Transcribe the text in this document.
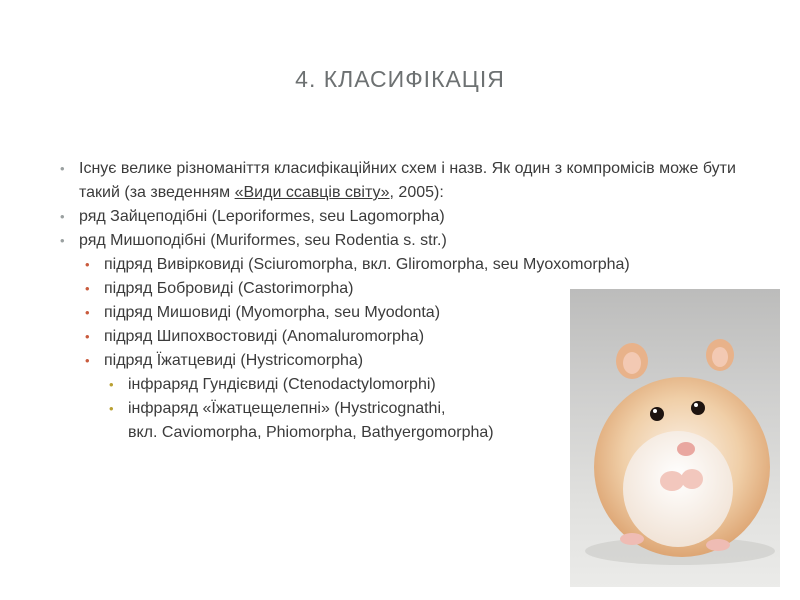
4. КЛАСИФІКАЦІЯ
• Існує велике різноманіття класифікаційних схем і назв. Як один з компромісів може бути такий (за зведенням «Види ссавців світу», 2005):
• ряд Зайцеподібні (Leporiformes, seu Lagomorpha)
• ряд Мишоподібні (Muriformes, seu Rodentia s. str.)
• підряд Вивірковиді (Sciuromorpha, вкл. Gliromorpha, seu Myoxomorpha)
• підряд Бобровиді (Castorimorpha)
• підряд Мишовиді (Myomorpha, seu Myodonta)
• підряд Шипохвостовиді (Anomaluromorpha)
• підряд Їжатцевиді (Hystricomorpha)
• інфраряд Гундієвиді (Ctenodactylomorphi)
• інфраряд «Їжатцещелепні» (Hystricognathi,
вкл. Caviomorpha, Phiomorpha, Bathyergomorpha)
